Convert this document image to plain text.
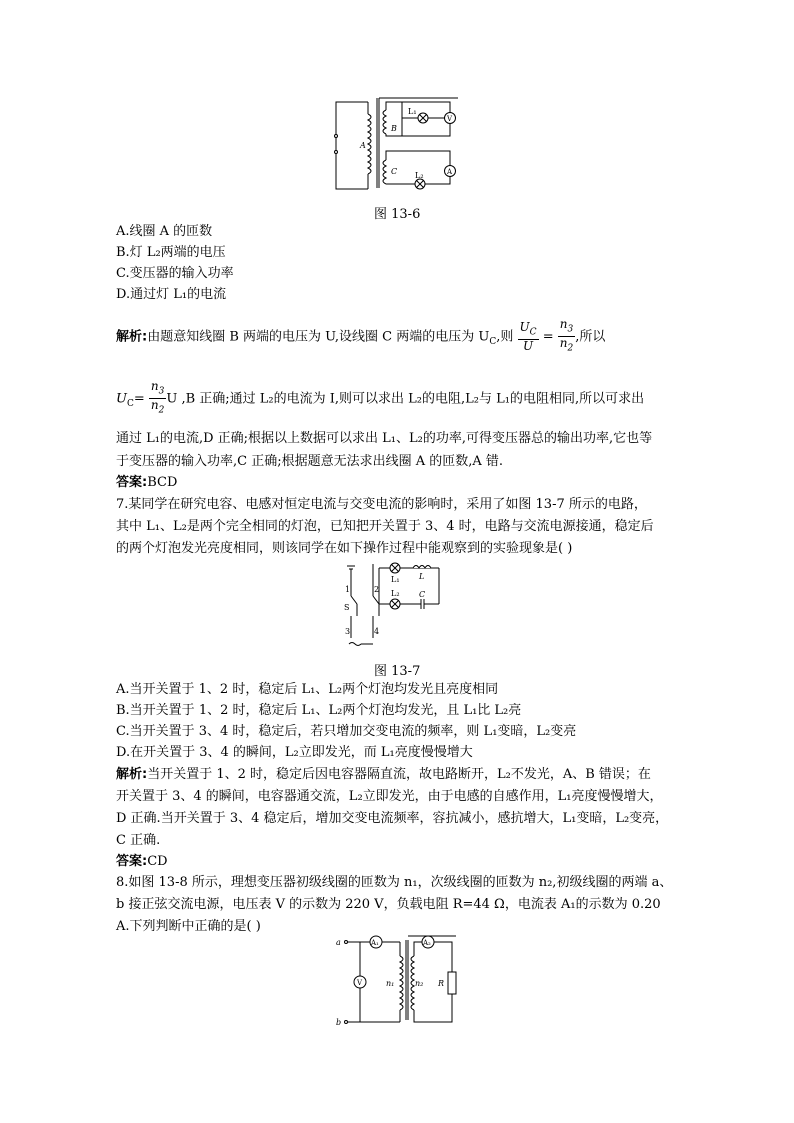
A
B
C
L₁
L₂
V
A
图 13-6
A.线圈 A 的匝数
B.灯 L₂两端的电压
C.变压器的输入功率
D.通过灯 L₁的电流
解析:由题意知线圈 B 两端的电压为 U,设线圈 C 两端的电压为 $U_C$,则 $\frac{U_C}{U} = \frac{n_3}{n_2}$ ,所以
$U_C= \frac{n_3}{n_2}$ U ,B 正确;通过 L₂的电流为 I,则可以求出 L₂的电阻,L₂与 L₁的电阻相同,所以可求出
通过 L₁的电流,D 正确;根据以上数据可以求出 L₁、L₂的功率,可得变压器总的输出功率,它也等
于变压器的输入功率,C 正确;根据题意无法求出线圈 A 的匝数,A 错.
答案:BCD
7.某同学在研究电容、电感对恒定电流与交变电流的影响时，采用了如图 13-7 所示的电路，
其中 L₁、L₂是两个完全相同的灯泡，已知把开关置于 3、4 时，电路与交流电源接通，稳定后
的两个灯泡发光亮度相同，则该同学在如下操作过程中能观察到的实验现象是( )
1	2
3	4
S
L₁
L₂
L
C
图 13-7
A.当开关置于 1、2 时，稳定后 L₁、L₂两个灯泡均发光且亮度相同
B.当开关置于 1、2 时，稳定后 L₁、L₂两个灯泡均发光，且 L₁比 L₂亮
C.当开关置于 3、4 时，稳定后，若只增加交变电流的频率，则 L₁变暗，L₂变亮
D.在开关置于 3、4 的瞬间，L₂立即发光，而 L₁亮度慢慢增大
解析:当开关置于 1、2 时，稳定后因电容器隔直流，故电路断开，L₂不发光，A、B 错误；在
开关置于 3、4 的瞬间，电容器通交流，L₂立即发光，由于电感的自感作用，L₁亮度慢慢增大，
D 正确.当开关置于 3、4 稳定后，增加交变电流频率，容抗减小，感抗增大，L₁变暗，L₂变亮，
C 正确.
答案:CD
8.如图 13-8 所示，理想变压器初级线圈的匝数为 n₁，次级线圈的匝数为 n₂,初级线圈的两端 a、
b 接正弦交流电源，电压表 V 的示数为 220 V，负载电阻 R=44 Ω，电流表 A₁的示数为 0.20
A.下列判断中正确的是( )
a
b
A₁	A₂
V	n₁	n₂ R
